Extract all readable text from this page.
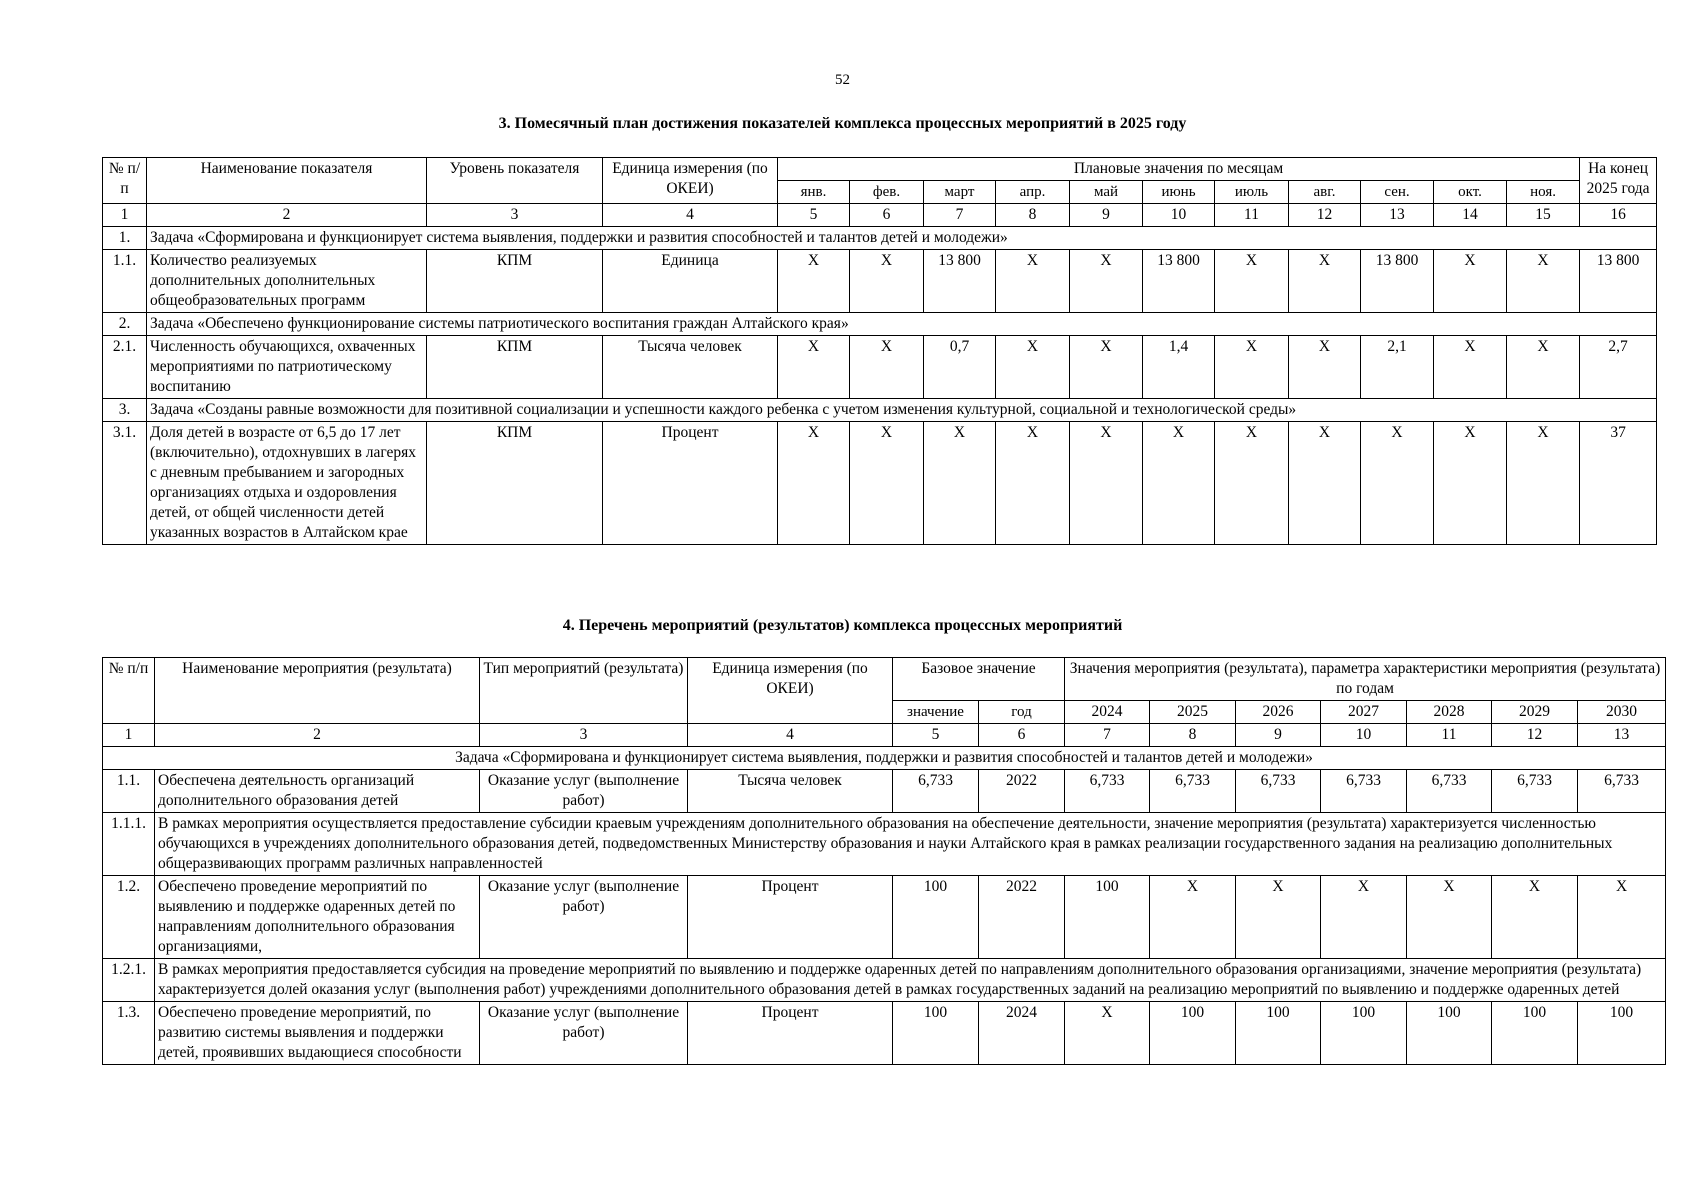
52
3. Помесячный план достижения показателей комплекса процессных мероприятий в 2025 году
№ п/п	Наименование показателя	Уровень показателя	Единица измерения (по ОКЕИ)	Плановые значения по месяцам											На конец 2025 года
				янв.	фев.	март	апр.	май	июнь	июль	авг.	сен.	окт.	ноя.	
1	2	3	4	5	6	7	8	9	10	11	12	13	14	15	16
1.	Задача «Сформирована и функционирует система выявления, поддержки и развития способностей и талантов детей и молодежи»														
1.1.	Количество реализуемых дополнительных дополнительных общеобразовательных программ	КПМ	Единица	Х	Х	13 800	Х	Х	13 800	Х	Х	13 800	Х	Х	13 800
2.	Задача «Обеспечено функционирование системы патриотического воспитания граждан Алтайского края»														
2.1.	Численность обучающихся, охваченных мероприятиями по патриотическому воспитанию	КПМ	Тысяча человек	Х	Х	0,7	Х	Х	1,4	Х	Х	2,1	Х	Х	2,7
3.	Задача «Созданы равные возможности для позитивной социализации и успешности каждого ребенка с учетом изменения культурной, социальной и технологической среды»														
3.1.	Доля детей в возрасте от 6,5 до 17 лет (включительно), отдохнувших в лагерях с дневным пребыванием и загородных организациях отдыха и оздоровления детей, от общей численности детей указанных возрастов в Алтайском крае	КПМ	Процент	Х	Х	Х	Х	Х	Х	Х	Х	Х	Х	Х	37
4. Перечень мероприятий (результатов) комплекса процессных мероприятий
№ п/п	Наименование мероприятия (результата)	Тип мероприятий (результата)	Единица измерения (по ОКЕИ)	Базовое значение		Значения мероприятия (результата), параметра характеристики мероприятия (результата) по годам						
				значение	год	2024	2025	2026	2027	2028	2029	2030
1	2	3	4	5	6	7	8	9	10	11	12	13
Задача «Сформирована и функционирует система выявления, поддержки и развития способностей и талантов детей и молодежи»												
1.1.	Обеспечена деятельность организаций дополнительного образования детей	Оказание услуг (выполнение работ)	Тысяча человек	6,733	2022	6,733	6,733	6,733	6,733	6,733	6,733	6,733
1.1.1.	В рамках мероприятия осуществляется предоставление субсидии краевым учреждениям дополнительного образования на обеспечение деятельности, значение мероприятия (результата) характеризуется численностью обучающихся в учреждениях дополнительного образования детей, подведомственных Министерству образования и науки Алтайского края в рамках реализации государственного задания на реализацию дополнительных общеразвивающих программ различных направленностей											
1.2.	Обеспечено проведение мероприятий по выявлению и поддержке одаренных детей по направлениям дополнительного образования организациями,	Оказание услуг (выполнение работ)	Процент	100	2022	100	Х	Х	Х	Х	Х	Х
1.2.1.	В рамках мероприятия предоставляется субсидия на проведение мероприятий по выявлению и поддержке одаренных детей по направлениям дополнительного образования организациями, значение мероприятия (результата) характеризуется долей оказания услуг (выполнения работ) учреждениями дополнительного образования детей в рамках государственных заданий на реализацию мероприятий по выявлению и поддержке одаренных детей											
1.3.	Обеспечено проведение мероприятий, по развитию системы выявления и поддержки детей, проявивших выдающиеся способности	Оказание услуг (выполнение работ)	Процент	100	2024	Х	100	100	100	100	100	100
